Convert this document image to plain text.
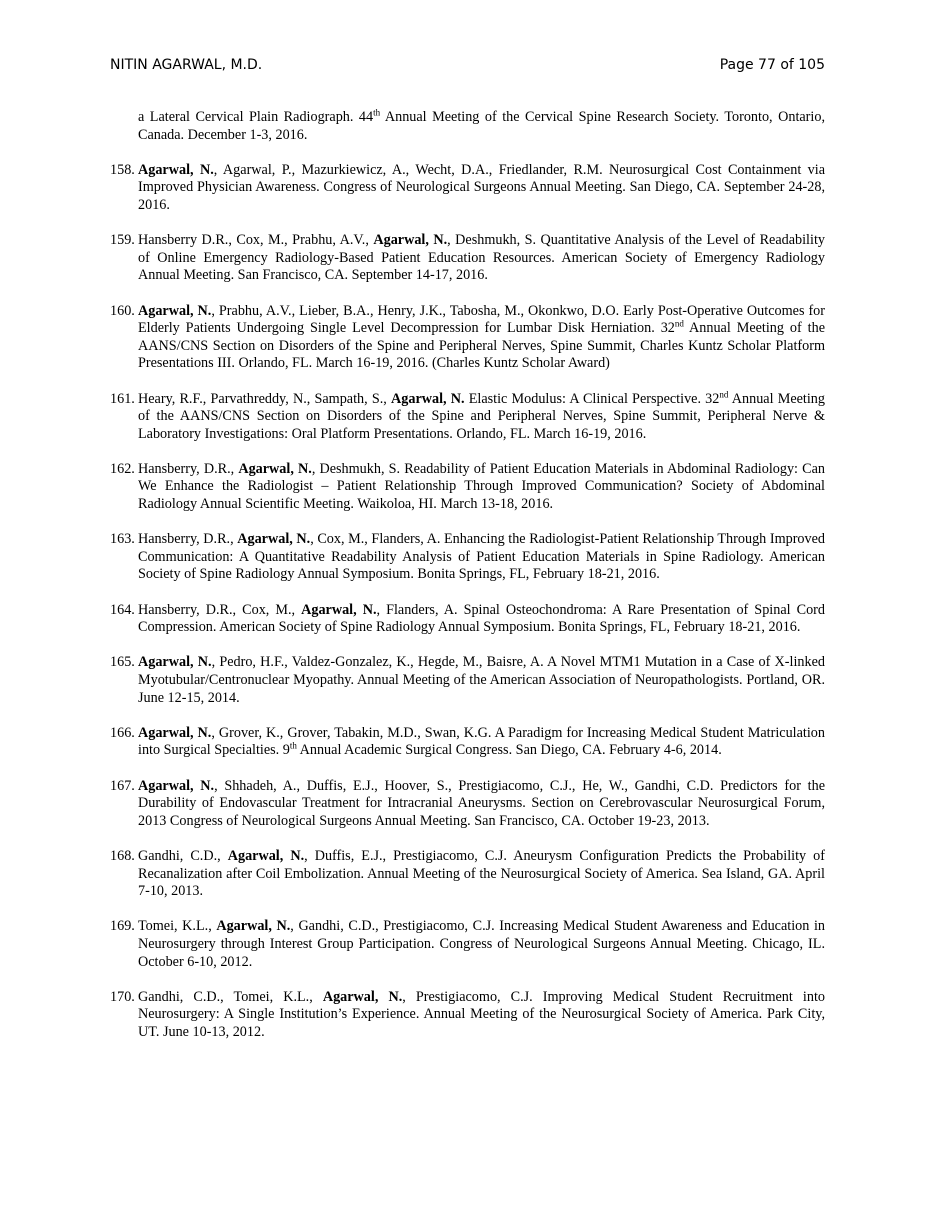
NITIN AGARWAL, M.D.	Page 77 of 105

a Lateral Cervical Plain Radiograph. 44th Annual Meeting of the Cervical Spine Research Society. Toronto, Ontario, Canada. December 1-3, 2016.

158. Agarwal, N., Agarwal, P., Mazurkiewicz, A., Wecht, D.A., Friedlander, R.M. Neurosurgical Cost Containment via Improved Physician Awareness. Congress of Neurological Surgeons Annual Meeting. San Diego, CA. September 24-28, 2016.

159. Hansberry D.R., Cox, M., Prabhu, A.V., Agarwal, N., Deshmukh, S. Quantitative Analysis of the Level of Readability of Online Emergency Radiology-Based Patient Education Resources. American Society of Emergency Radiology Annual Meeting. San Francisco, CA. September 14-17, 2016.

160. Agarwal, N., Prabhu, A.V., Lieber, B.A., Henry, J.K., Tabosha, M., Okonkwo, D.O. Early Post-Operative Outcomes for Elderly Patients Undergoing Single Level Decompression for Lumbar Disk Herniation. 32nd Annual Meeting of the AANS/CNS Section on Disorders of the Spine and Peripheral Nerves, Spine Summit, Charles Kuntz Scholar Platform Presentations III. Orlando, FL. March 16-19, 2016. (Charles Kuntz Scholar Award)

161. Heary, R.F., Parvathreddy, N., Sampath, S., Agarwal, N. Elastic Modulus: A Clinical Perspective. 32nd Annual Meeting of the AANS/CNS Section on Disorders of the Spine and Peripheral Nerves, Spine Summit, Peripheral Nerve & Laboratory Investigations: Oral Platform Presentations. Orlando, FL. March 16-19, 2016.

162. Hansberry, D.R., Agarwal, N., Deshmukh, S. Readability of Patient Education Materials in Abdominal Radiology: Can We Enhance the Radiologist – Patient Relationship Through Improved Communication? Society of Abdominal Radiology Annual Scientific Meeting. Waikoloa, HI. March 13-18, 2016.

163. Hansberry, D.R., Agarwal, N., Cox, M., Flanders, A. Enhancing the Radiologist-Patient Relationship Through Improved Communication: A Quantitative Readability Analysis of Patient Education Materials in Spine Radiology. American Society of Spine Radiology Annual Symposium. Bonita Springs, FL, February 18-21, 2016.

164. Hansberry, D.R., Cox, M., Agarwal, N., Flanders, A. Spinal Osteochondroma: A Rare Presentation of Spinal Cord Compression. American Society of Spine Radiology Annual Symposium. Bonita Springs, FL, February 18-21, 2016.

165. Agarwal, N., Pedro, H.F., Valdez-Gonzalez, K., Hegde, M., Baisre, A. A Novel MTM1 Mutation in a Case of X-linked Myotubular/Centronuclear Myopathy. Annual Meeting of the American Association of Neuropathologists. Portland, OR. June 12-15, 2014.

166. Agarwal, N., Grover, K., Grover, Tabakin, M.D., Swan, K.G. A Paradigm for Increasing Medical Student Matriculation into Surgical Specialties. 9th Annual Academic Surgical Congress. San Diego, CA. February 4-6, 2014.

167. Agarwal, N., Shhadeh, A., Duffis, E.J., Hoover, S., Prestigiacomo, C.J., He, W., Gandhi, C.D. Predictors for the Durability of Endovascular Treatment for Intracranial Aneurysms. Section on Cerebrovascular Neurosurgical Forum, 2013 Congress of Neurological Surgeons Annual Meeting. San Francisco, CA. October 19-23, 2013.

168. Gandhi, C.D., Agarwal, N., Duffis, E.J., Prestigiacomo, C.J. Aneurysm Configuration Predicts the Probability of Recanalization after Coil Embolization. Annual Meeting of the Neurosurgical Society of America. Sea Island, GA. April 7-10, 2013.

169. Tomei, K.L., Agarwal, N., Gandhi, C.D., Prestigiacomo, C.J. Increasing Medical Student Awareness and Education in Neurosurgery through Interest Group Participation. Congress of Neurological Surgeons Annual Meeting. Chicago, IL. October 6-10, 2012.

170. Gandhi, C.D., Tomei, K.L., Agarwal, N., Prestigiacomo, C.J. Improving Medical Student Recruitment into Neurosurgery: A Single Institution’s Experience. Annual Meeting of the Neurosurgical Society of America. Park City, UT. June 10-13, 2012.
